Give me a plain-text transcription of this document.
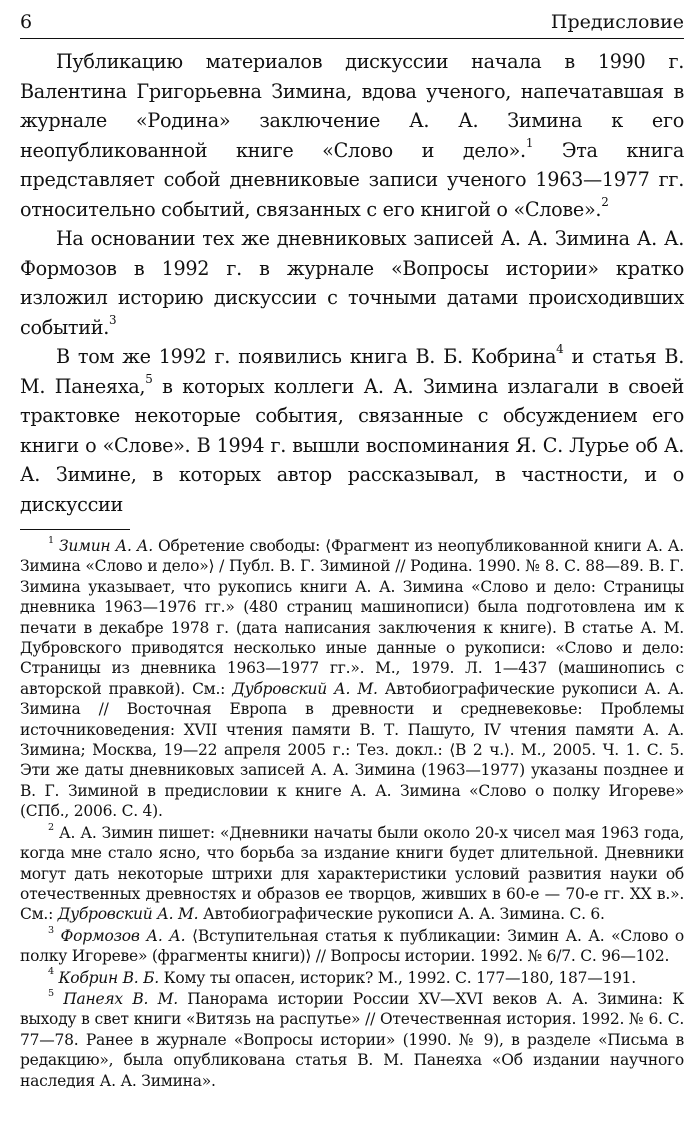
6	Предисловие

Публикацию материалов дискуссии начала в 1990 г. Валентина Григорьевна Зимина, вдова ученого, напечатавшая в журнале «Родина» заключение А. А. Зимина к его неопубликованной книге «Слово и дело».$^1$ Эта книга представляет собой дневниковые записи ученого 1963—1977 гг. относительно событий, связанных с его книгой о «Слове».$^2$

На основании тех же дневниковых записей А. А. Зимина А. А. Формозов в 1992 г. в журнале «Вопросы истории» кратко изложил историю дискуссии с точными датами происходивших событий.$^3$

В том же 1992 г. появились книга В. Б. Кобрина$^4$ и статья В. М. Панеяха,$^5$ в которых коллеги А. А. Зимина излагали в своей трактовке некоторые события, связанные с обсуждением его книги о «Слове». В 1994 г. вышли воспоминания Я. С. Лурье об А. А. Зимине, в которых автор рассказывал, в частности, и о дискуссии

$^1$ Зимин А. А. Обретение свободы: ⟨Фрагмент из неопубликованной книги А. А. Зимина «Слово и дело»⟩ / Публ. В. Г. Зиминой // Родина. 1990. № 8. С. 88—89. В. Г. Зимина указывает, что рукопись книги А. А. Зимина «Слово и дело: Страницы дневника 1963—1976 гг.» (480 страниц машинописи) была подготовлена им к печати в декабре 1978 г. (дата написания заключения к книге). В статье А. М. Дубровского приводятся несколько иные данные о рукописи: «Слово и дело: Страницы из дневника 1963—1977 гг.». М., 1979. Л. 1—437 (машинопись с авторской правкой). См.: Дубровский А. М. Автобиографические рукописи А. А. Зимина // Восточная Европа в древности и средневековье: Проблемы источниковедения: XVII чтения памяти В. Т. Пашуто, IV чтения памяти А. А. Зимина; Москва, 19—22 апреля 2005 г.: Тез. докл.: ⟨В 2 ч.⟩. М., 2005. Ч. 1. С. 5. Эти же даты дневниковых записей А. А. Зимина (1963—1977) указаны позднее и В. Г. Зиминой в предисловии к книге А. А. Зимина «Слово о полку Игореве» (СПб., 2006. С. 4).

$^2$ А. А. Зимин пишет: «Дневники начаты были около 20-х чисел мая 1963 года, когда мне стало ясно, что борьба за издание книги будет длительной. Дневники могут дать некоторые штрихи для характеристики условий развития науки об отечественных древностях и образов ее творцов, живших в 60-е — 70-е гг. XX в.». См.: Дубровский А. М. Автобиографические рукописи А. А. Зимина. С. 6.

$^3$ Формозов А. А. ⟨Вступительная статья к публикации: Зимин А. А. «Слово о полку Игореве» (фрагменты книги)⟩ // Вопросы истории. 1992. № 6/7. С. 96—102.

$^4$ Кобрин В. Б. Кому ты опасен, историк? М., 1992. С. 177—180, 187—191.

$^5$ Панеях В. М. Панорама истории России XV—XVI веков А. А. Зимина: К выходу в свет книги «Витязь на распутье» // Отечественная история. 1992. № 6. С. 77—78. Ранее в журнале «Вопросы истории» (1990. № 9), в разделе «Письма в редакцию», была опубликована статья В. М. Панеяха «Об издании научного наследия А. А. Зимина».
